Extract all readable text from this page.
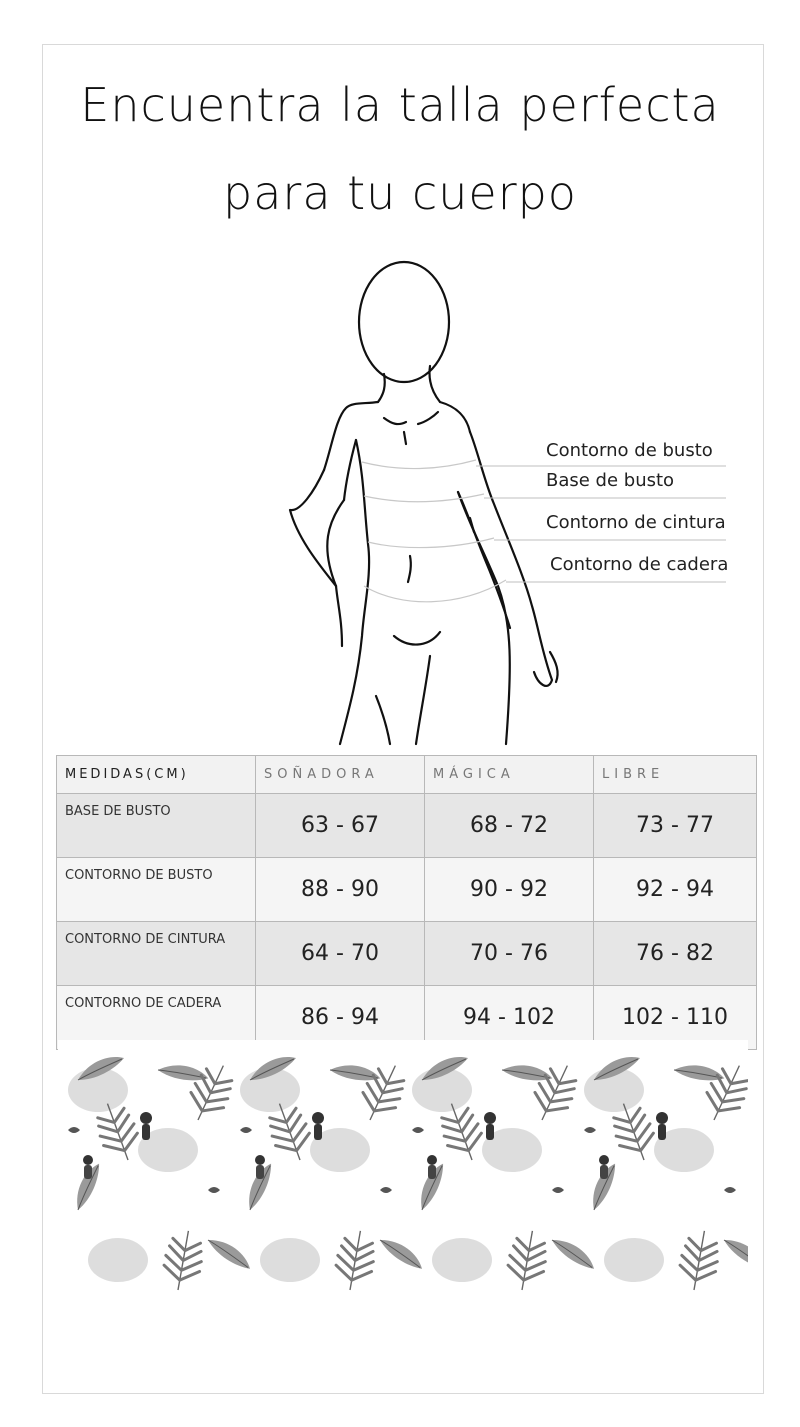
Encuentra la talla perfecta
para tu cuerpo
Contorno de busto
Base de busto
Contorno de cintura
Contorno de cadera
MEDIDAS(CM)	SOÑADORA	MÁGICA	LIBRE
BASE DE BUSTO	63 - 67	68 - 72	73 - 77
CONTORNO DE BUSTO	88 - 90	90 - 92	92 - 94
CONTORNO DE CINTURA	64 - 70	70 - 76	76 - 82
CONTORNO DE CADERA	86 - 94	94 - 102	102 - 110
